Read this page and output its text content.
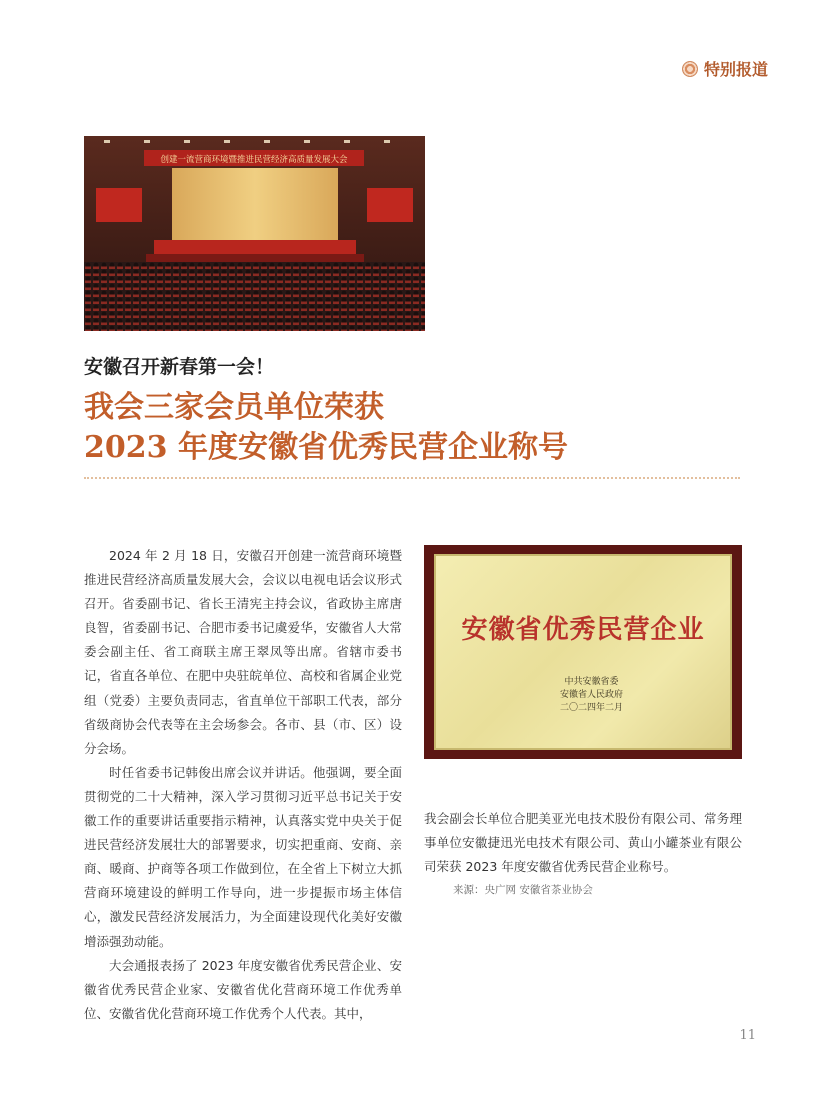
特别报道
创建一流营商环境暨推进民营经济高质量发展大会
安徽召开新春第一会！
我会三家会员单位荣获
2023 年度安徽省优秀民营企业称号

2024 年 2 月 18 日，安徽召开创建一流营商环境暨推进民营经济高质量发展大会，会议以电视电话会议形式召开。省委副书记、省长王清宪主持会议，省政协主席唐良智，省委副书记、合肥市委书记虞爱华，安徽省人大常委会副主任、省工商联主席王翠凤等出席。省辖市委书记，省直各单位、在肥中央驻皖单位、高校和省属企业党组（党委）主要负责同志，省直单位干部职工代表，部分省级商协会代表等在主会场参会。各市、县（市、区）设分会场。

时任省委书记韩俊出席会议并讲话。他强调，要全面贯彻党的二十大精神，深入学习贯彻习近平总书记关于安徽工作的重要讲话重要指示精神，认真落实党中央关于促进民营经济发展壮大的部署要求，切实把重商、安商、亲商、暖商、护商等各项工作做到位，在全省上下树立大抓营商环境建设的鲜明工作导向，进一步提振市场主体信心，激发民营经济发展活力，为全面建设现代化美好安徽增添强劲动能。

大会通报表扬了 2023 年度安徽省优秀民营企业、安徽省优秀民营企业家、安徽省优化营商环境工作优秀单位、安徽省优化营商环境工作优秀个人代表。其中，

安徽省优秀民营企业
中共安徽省委
安徽省人民政府
二〇二四年二月

我会副会长单位合肥美亚光电技术股份有限公司、常务理事单位安徽捷迅光电技术有限公司、黄山小罐茶业有限公司荣获 2023 年度安徽省优秀民营企业称号。

来源：央广网 安徽省茶业协会
11
